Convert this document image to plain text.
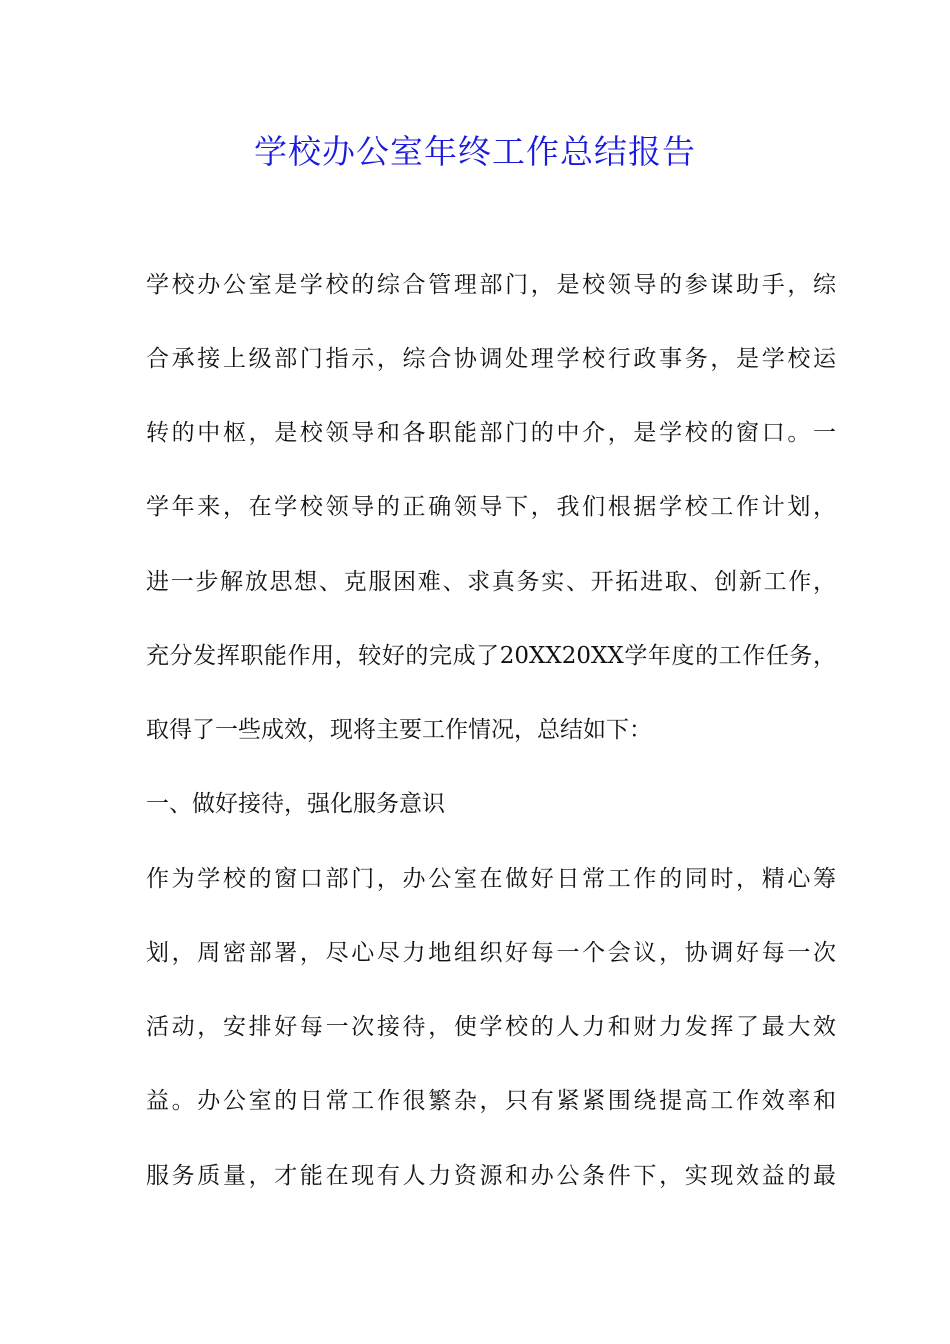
学校办公室年终工作总结报告

学校办公室是学校的综合管理部门，是校领导的参谋助手，综

合承接上级部门指示，综合协调处理学校行政事务，是学校运

转的中枢，是校领导和各职能部门的中介，是学校的窗口。一

学年来，在学校领导的正确领导下，我们根据学校工作计划，

进一步解放思想、克服困难、求真务实、开拓进取、创新工作，

充分发挥职能作用，较好的完成了20XX20XX学年度的工作任务，

取得了一些成效，现将主要工作情况，总结如下：

一、做好接待，强化服务意识

作为学校的窗口部门，办公室在做好日常工作的同时，精心筹

划，周密部署，尽心尽力地组织好每一个会议，协调好每一次

活动，安排好每一次接待，使学校的人力和财力发挥了最大效

益。办公室的日常工作很繁杂，只有紧紧围绕提高工作效率和

服务质量，才能在现有人力资源和办公条件下，实现效益的最
